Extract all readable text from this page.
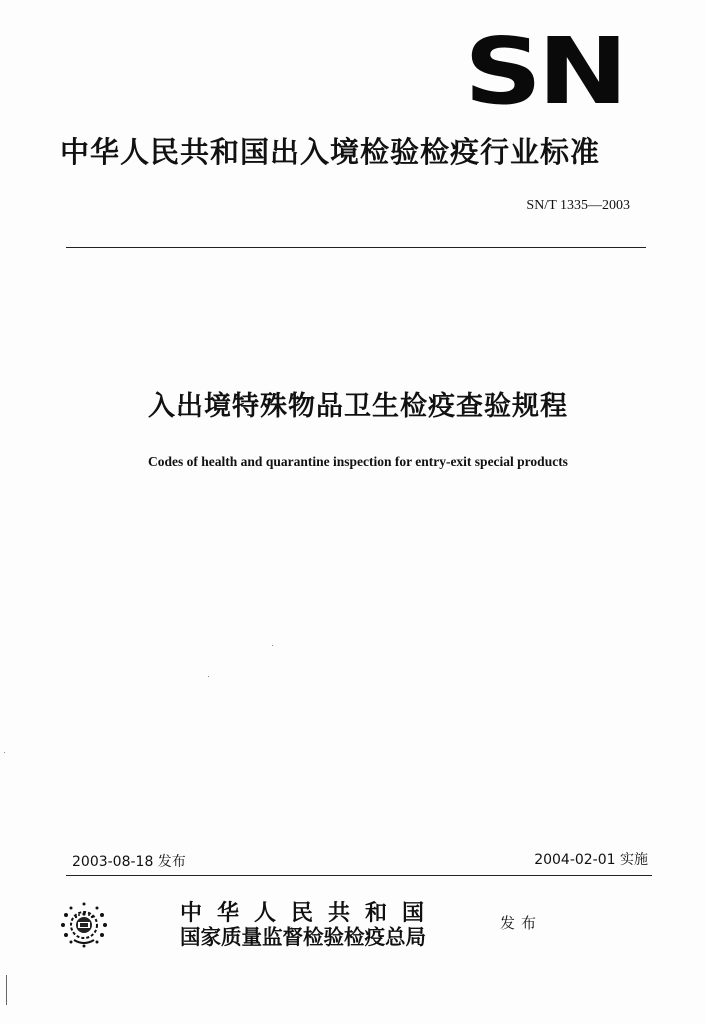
SN
中华人民共和国出入境检验检疫行业标准
SN/T 1335—2003
入出境特殊物品卫生检疫查验规程
Codes of health and quarantine inspection for entry-exit special products
2003-08-18 发布	2004-02-01 实施
中华人民共和国
国家质量监督检验检疫总局
发布
